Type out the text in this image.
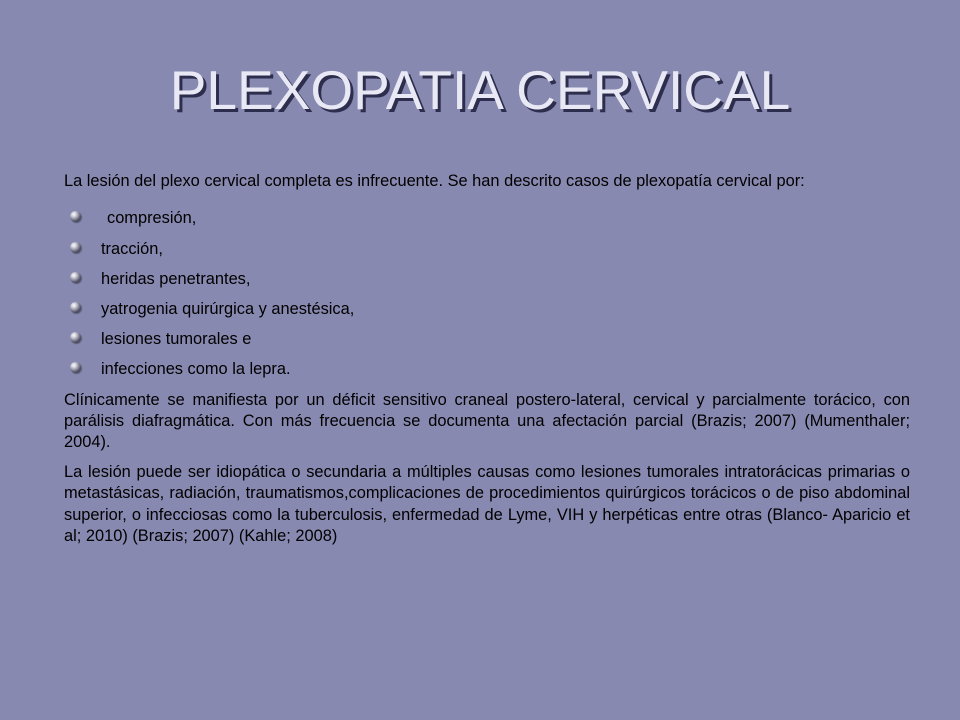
PLEXOPATIA CERVICAL

La lesión del plexo cervical completa es infrecuente. Se han descrito casos de plexopatía cervical por:

compresión,
tracción,
heridas penetrantes,
yatrogenia quirúrgica y anestésica,
lesiones tumorales e
infecciones como la lepra.

Clínicamente se manifiesta por un déficit sensitivo craneal postero-lateral, cervical y parcialmente torácico, con parálisis diafragmática. Con más frecuencia se documenta una afectación parcial (Brazis; 2007) (Mumenthaler; 2004).

La lesión puede ser idiopática o secundaria a múltiples causas como lesiones tumorales intratorácicas primarias o metastásicas, radiación, traumatismos,complicaciones de procedimientos quirúrgicos torácicos o de piso abdominal superior, o infecciosas como la tuberculosis, enfermedad de Lyme, VIH y herpéticas entre otras (Blanco- Aparicio et al; 2010) (Brazis; 2007) (Kahle; 2008)
